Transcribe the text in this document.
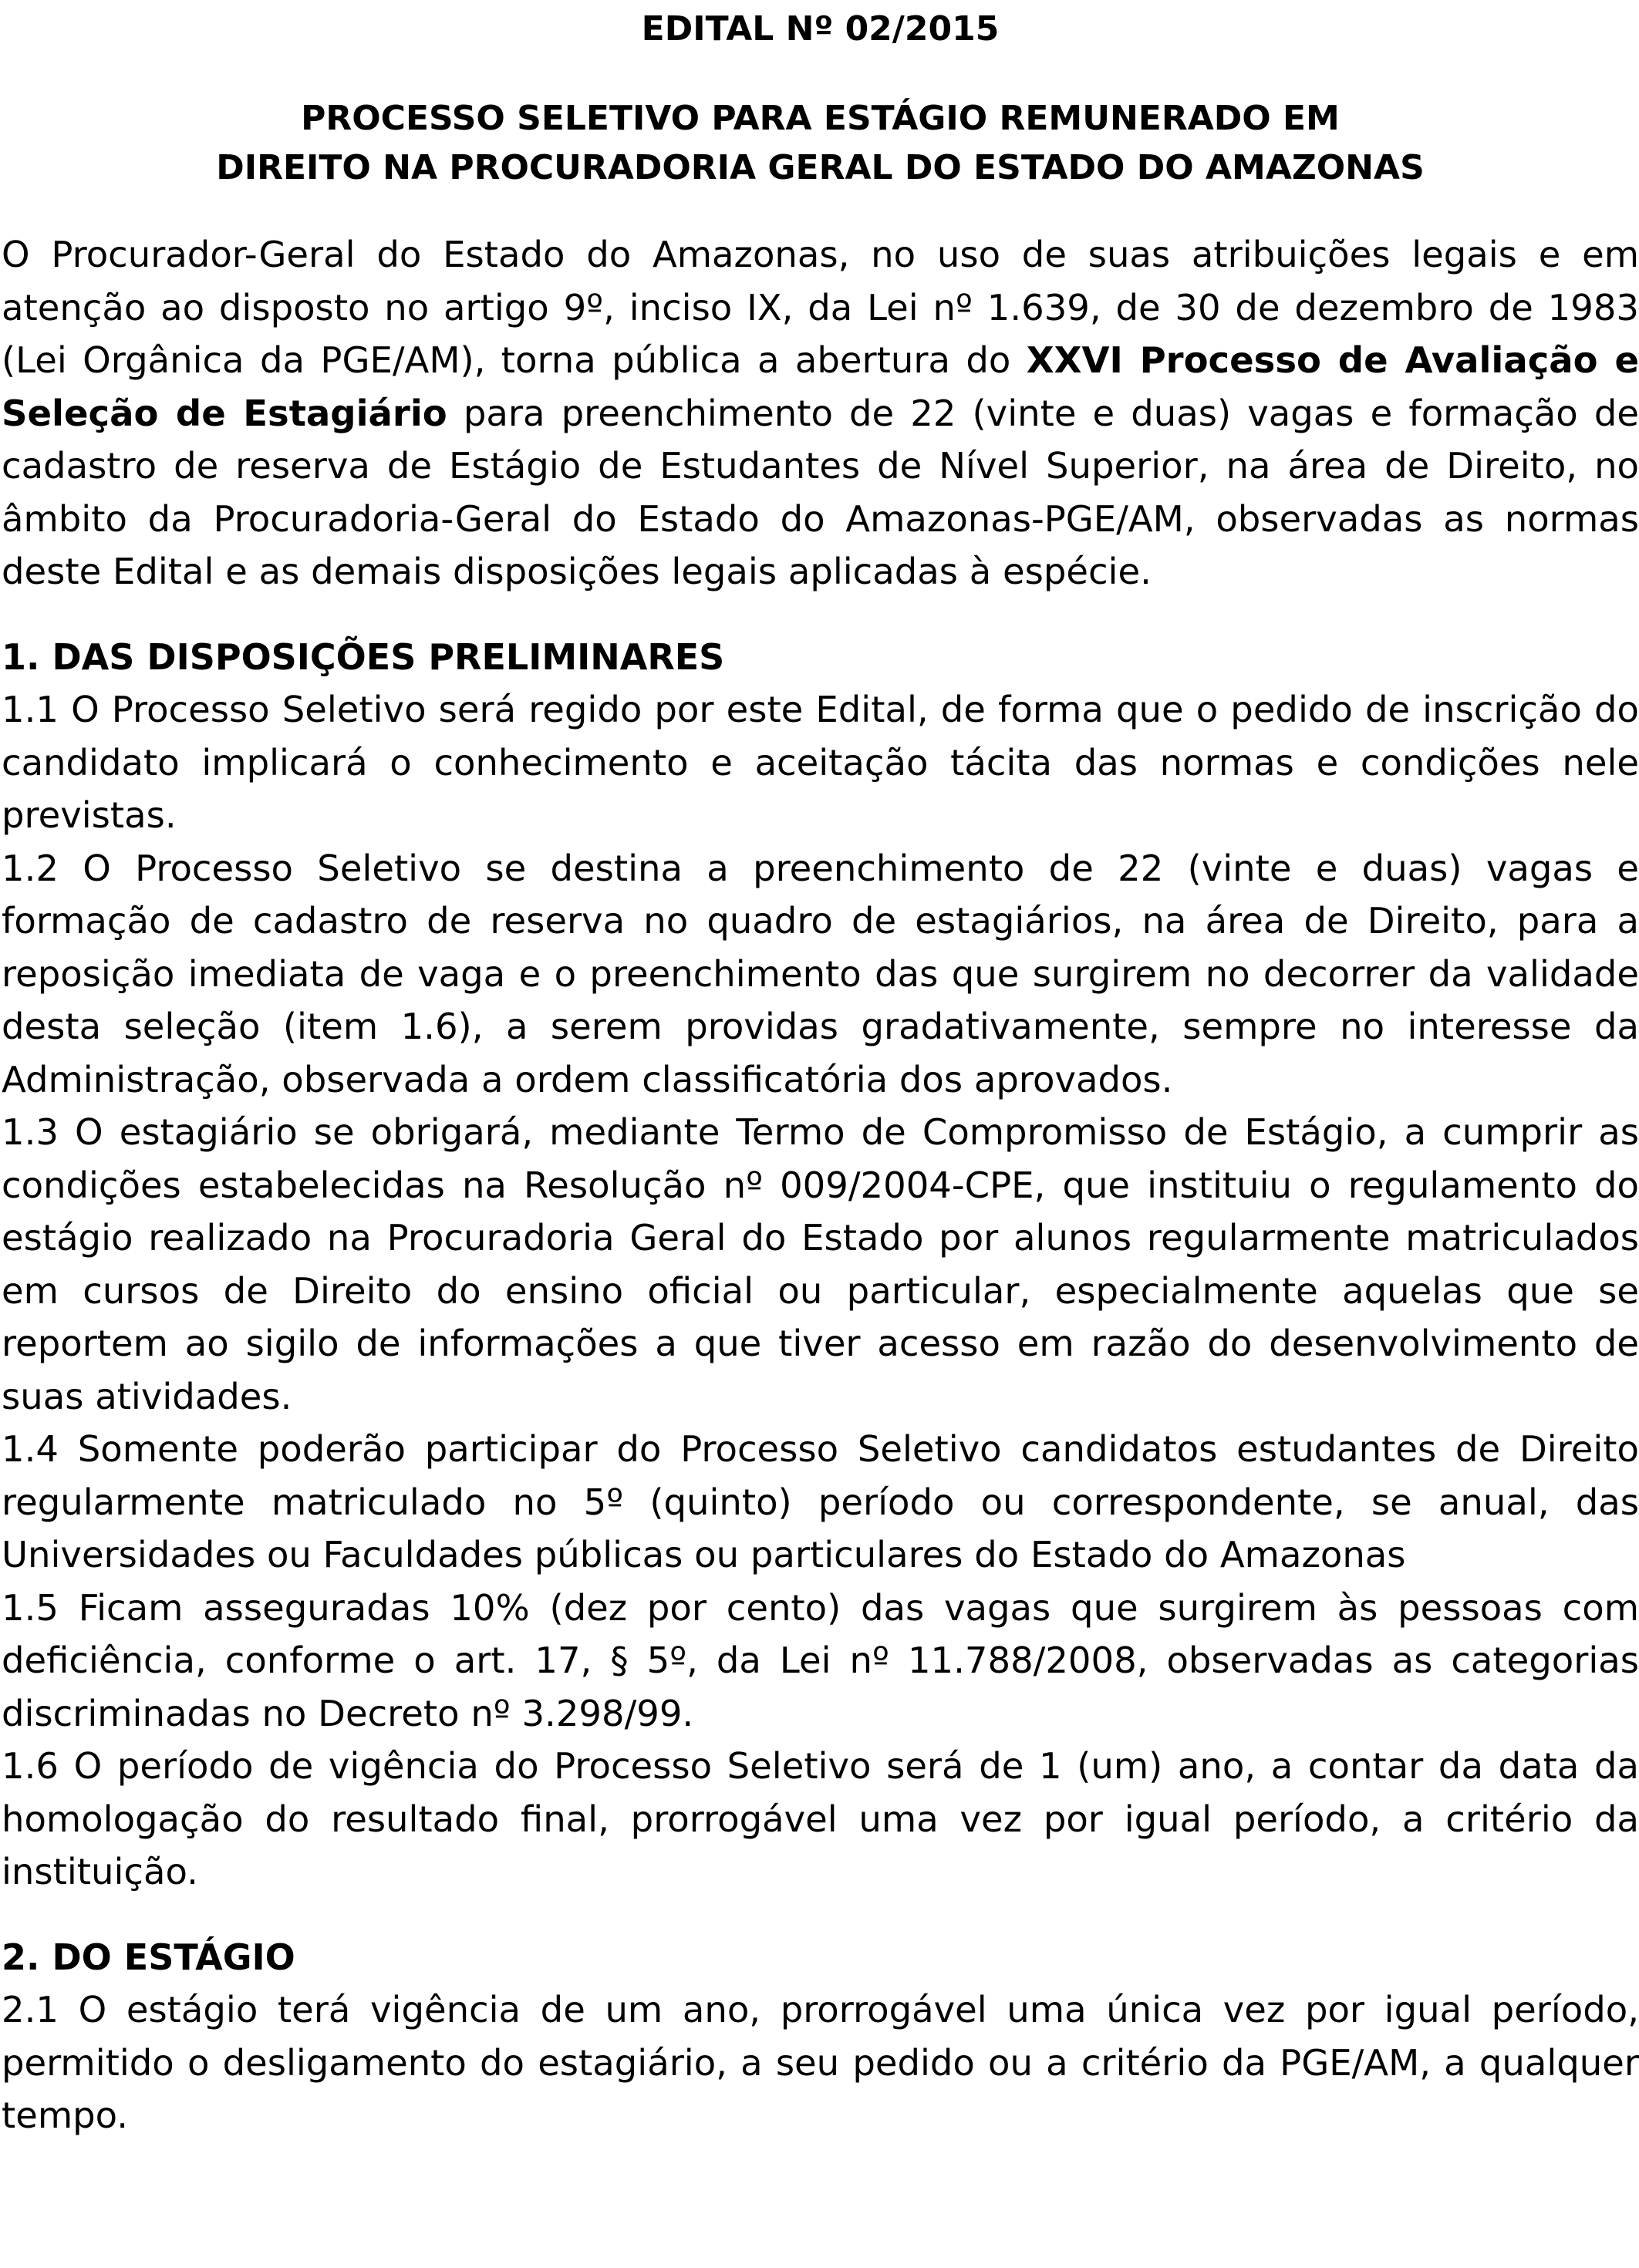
EDITAL Nº 02/2015
PROCESSO SELETIVO PARA ESTÁGIO REMUNERADO EM
DIREITO NA PROCURADORIA GERAL DO ESTADO DO AMAZONAS

O Procurador-Geral do Estado do Amazonas, no uso de suas atribuições legais e em atenção ao disposto no artigo 9º, inciso IX, da Lei nº 1.639, de 30 de dezembro de 1983 (Lei Orgânica da PGE/AM), torna pública a abertura do XXVI Processo de Avaliação e Seleção de Estagiário para preenchimento de 22 (vinte e duas) vagas e formação de cadastro de reserva de Estágio de Estudantes de Nível Superior, na área de Direito, no âmbito da Procuradoria-Geral do Estado do Amazonas-PGE/AM, observadas as normas deste Edital e as demais disposições legais aplicadas à espécie.

1. DAS DISPOSIÇÕES PRELIMINARES

1.1 O Processo Seletivo será regido por este Edital, de forma que o pedido de inscrição do candidato implicará o conhecimento e aceitação tácita das normas e condições nele previstas.

1.2 O Processo Seletivo se destina a preenchimento de 22 (vinte e duas) vagas e formação de cadastro de reserva no quadro de estagiários, na área de Direito, para a reposição imediata de vaga e o preenchimento das que surgirem no decorrer da validade desta seleção (item 1.6), a serem providas gradativamente, sempre no interesse da Administração, observada a ordem classificatória dos aprovados.

1.3 O estagiário se obrigará, mediante Termo de Compromisso de Estágio, a cumprir as condições estabelecidas na Resolução nº 009/2004-CPE, que instituiu o regulamento do estágio realizado na Procuradoria Geral do Estado por alunos regularmente matriculados em cursos de Direito do ensino oficial ou particular, especialmente aquelas que se reportem ao sigilo de informações a que tiver acesso em razão do desenvolvimento de suas atividades.

1.4 Somente poderão participar do Processo Seletivo candidatos estudantes de Direito regularmente matriculado no 5º (quinto) período ou correspondente, se anual, das Universidades ou Faculdades públicas ou particulares do Estado do Amazonas

1.5 Ficam asseguradas 10% (dez por cento) das vagas que surgirem às pessoas com deficiência, conforme o art. 17, § 5º, da Lei nº 11.788/2008, observadas as categorias discriminadas no Decreto nº 3.298/99.

1.6 O período de vigência do Processo Seletivo será de 1 (um) ano, a contar da data da homologação do resultado final, prorrogável uma vez por igual período, a critério da instituição.

2. DO ESTÁGIO

2.1 O estágio terá vigência de um ano, prorrogável uma única vez por igual período, permitido o desligamento do estagiário, a seu pedido ou a critério da PGE/AM, a qualquer tempo.
